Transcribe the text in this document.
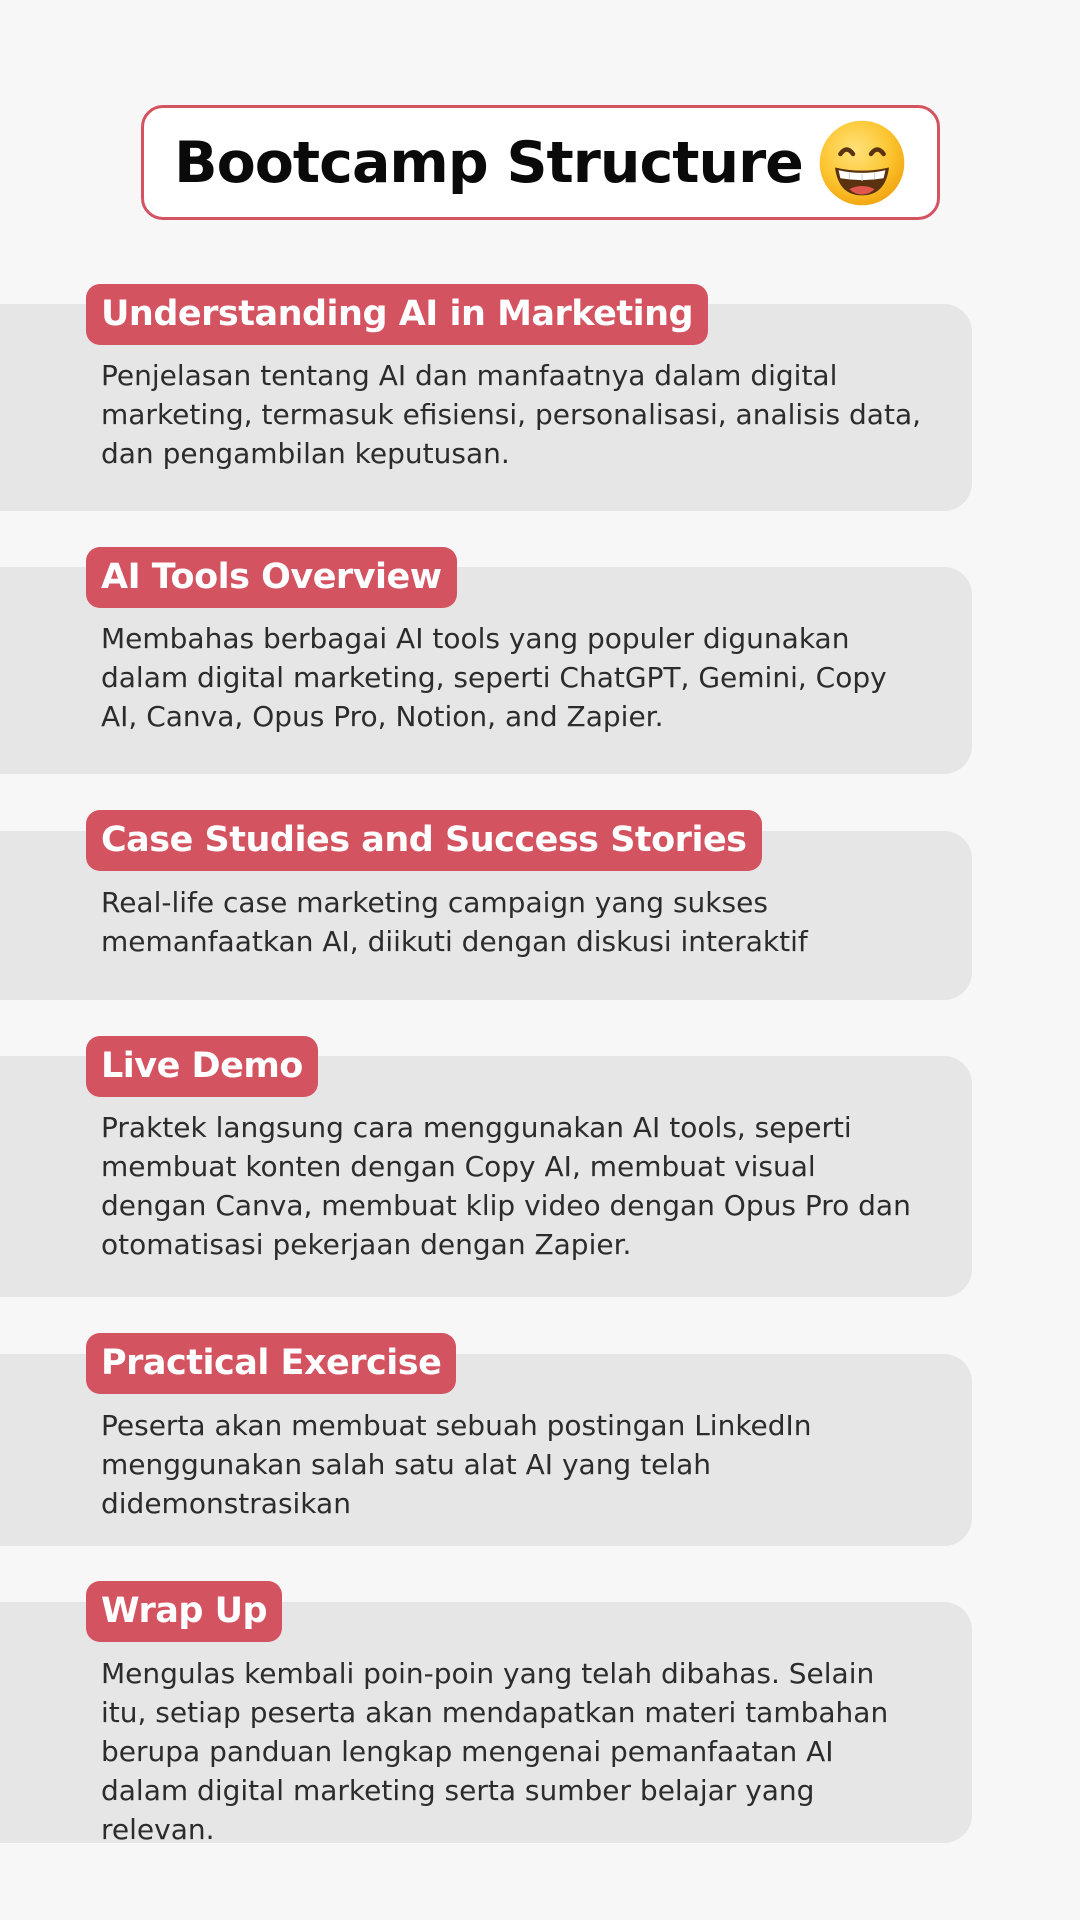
Bootcamp Structure

Penjelasan tentang AI dan manfaatnya dalam digital marketing, termasuk efisiensi, personalisasi, analisis data, dan pengambilan keputusan.

Understanding AI in Marketing

Membahas berbagai AI tools yang populer digunakan dalam digital marketing, seperti ChatGPT, Gemini, Copy AI, Canva, Opus Pro, Notion, and Zapier.

AI Tools Overview

Real-life case marketing campaign yang sukses memanfaatkan AI, diikuti dengan diskusi interaktif

Case Studies and Success Stories

Praktek langsung cara menggunakan AI tools, seperti membuat konten dengan Copy AI, membuat visual dengan Canva, membuat klip video dengan Opus Pro dan otomatisasi pekerjaan dengan Zapier.

Live Demo

Peserta akan membuat sebuah postingan LinkedIn menggunakan salah satu alat AI yang telah didemonstrasikan

Practical Exercise

Mengulas kembali poin-poin yang telah dibahas. Selain itu, setiap peserta akan mendapatkan materi tambahan berupa panduan lengkap mengenai pemanfaatan AI dalam digital marketing serta sumber belajar yang relevan.

Wrap Up
